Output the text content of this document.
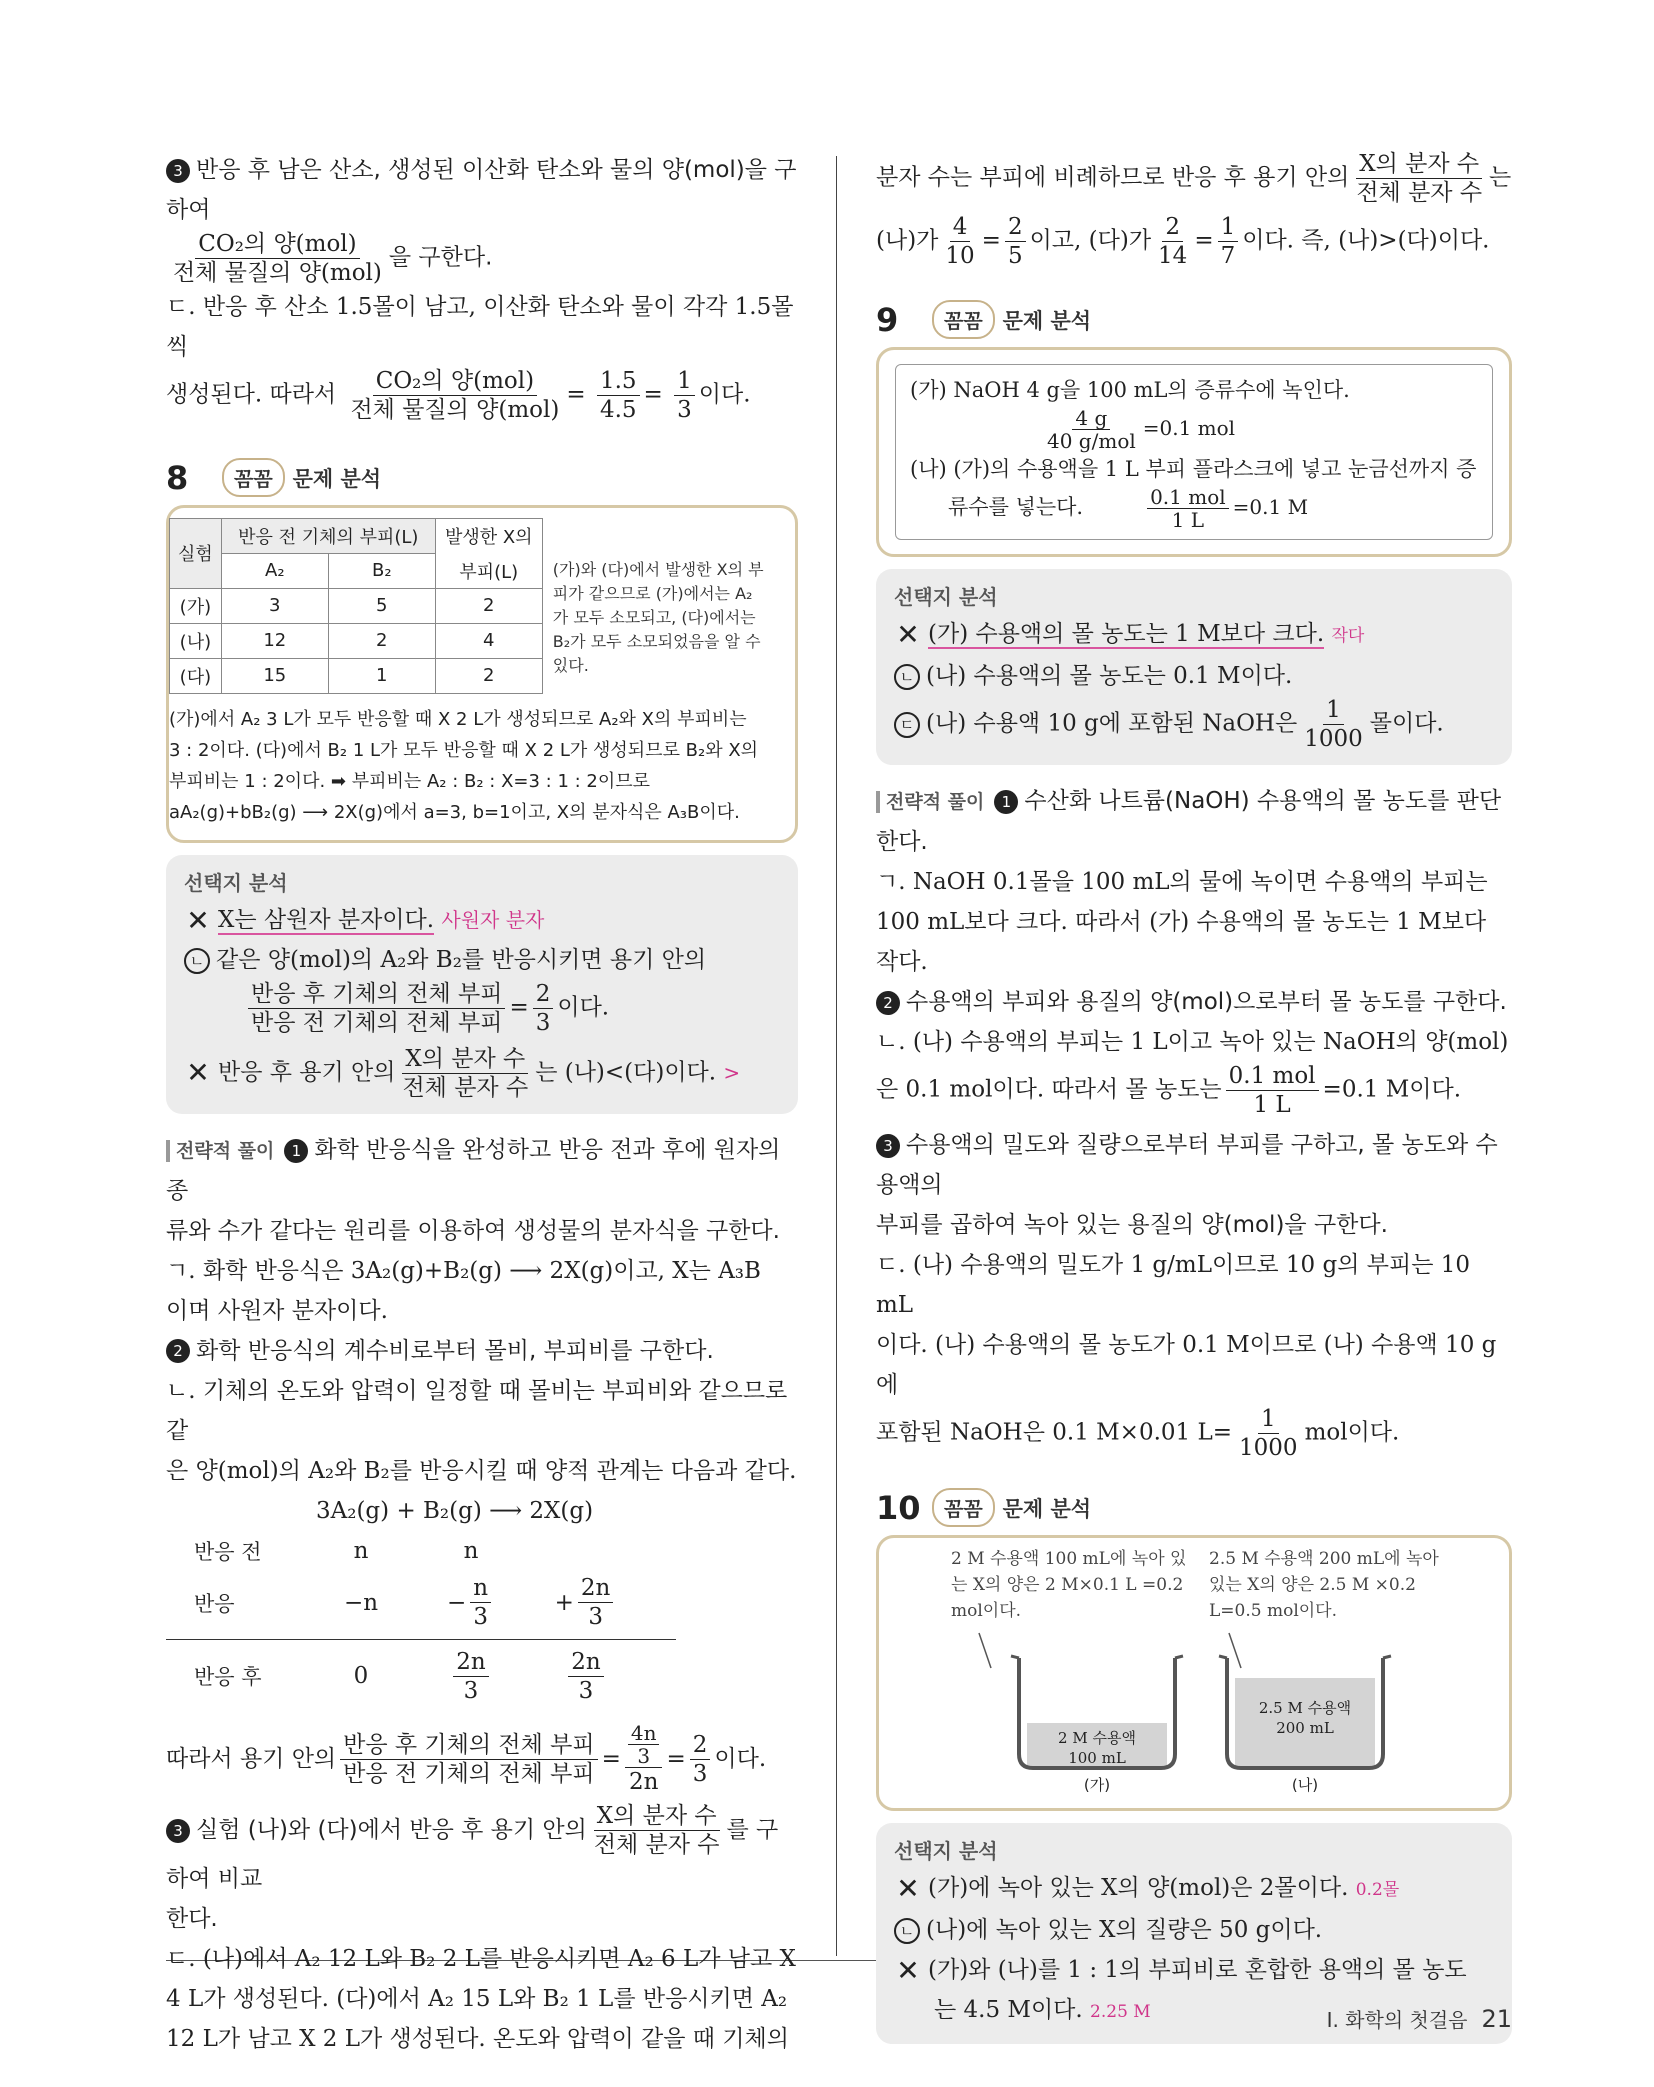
3 반응 후 남은 산소, 생성된 이산화 탄소와 물의 양(mol)을 구하여

$\frac{\text{CO₂의 양(mol)}}{\text{전체 물질의 양(mol)}}$ 을 구한다.

ㄷ. 반응 후 산소 1.5몰이 남고, 이산화 탄소와 물이 각각 1.5몰씩

생성된다. 따라서 $\frac{\text{CO₂의 양(mol)}}{\text{전체 물질의 양(mol)}} = \frac{1.5}{4.5} = \frac{1}{3}$ 이다.

8	꼼꼼 문제 분석
실험	반응 전 기체의 부피(L)		발생한 X의
	A₂	B₂	부피(L)
(가)	3	5	2
(나)	12	2	4
(다)	15	1	2
(가)와 (다)에서 발생한 X의 부피가 같으므로 (가)에서는 A₂가 모두 소모되고, (다)에서는 B₂가 모두 소모되었음을 알 수 있다.
(가)에서 A₂ 3 L가 모두 반응할 때 X 2 L가 생성되므로 A₂와 X의 부피비는
3 : 2이다. (다)에서 B₂ 1 L가 모두 반응할 때 X 2 L가 생성되므로 B₂와 X의
부피비는 1 : 2이다. ➡ 부피비는 A₂ : B₂ : X=3 : 1 : 2이므로
aA₂(g)+bB₂(g) ⟶ 2X(g)에서 a=3, b=1이고, X의 분자식은 A₃B이다.
선택지 분석

✕ X는 삼원자 분자이다. 사원자 분자

ㄴ 같은 양(mol)의 A₂와 B₂를 반응시키면 용기 안의

$\frac{\text{반응 후 기체의 전체 부피}}{\text{반응 전 기체의 전체 부피}} = \frac{2}{3}$ 이다.

✕ 반응 후 용기 안의 $\frac{\text{X의 분자 수}}{\text{전체 분자 수}}$ 는 (나)<(다)이다. >

전략적 풀이 1 화학 반응식을 완성하고 반응 전과 후에 원자의 종

류와 수가 같다는 원리를 이용하여 생성물의 분자식을 구한다.

ㄱ. 화학 반응식은 3A₂(g)+B₂(g) ⟶ 2X(g)이고, X는 A₃B

이며 사원자 분자이다.

2 화학 반응식의 계수비로부터 몰비, 부피비를 구한다.

ㄴ. 기체의 온도와 압력이 일정할 때 몰비는 부피비와 같으므로 같

은 양(mol)의 A₂와 B₂를 반응시킬 때 양적 관계는 다음과 같다.

3A₂(g) + B₂(g) ⟶ 2X(g)
반응 전	n	n
반응	−n	− $\frac{n}{3}$	+ $\frac{2n}{3}$
반응 후	0	$\frac{2n}{3}$	$\frac{2n}{3}$

따라서 용기 안의 $\frac{\text{반응 후 기체의 전체 부피}}{\text{반응 전 기체의 전체 부피}} = \frac{\frac{4n}{3}}{2n} = \frac{2}{3}$ 이다.

3 실험 (나)와 (다)에서 반응 후 용기 안의 $\frac{\text{X의 분자 수}}{\text{전체 분자 수}}$ 를 구하여 비교

한다.

ㄷ. (나)에서 A₂ 12 L와 B₂ 2 L를 반응시키면 A₂ 6 L가 남고 X

4 L가 생성된다. (다)에서 A₂ 15 L와 B₂ 1 L를 반응시키면 A₂

12 L가 남고 X 2 L가 생성된다. 온도와 압력이 같을 때 기체의

분자 수는 부피에 비례하므로 반응 후 용기 안의 $\frac{\text{X의 분자 수}}{\text{전체 분자 수}}$ 는

(나)가 $\frac{4}{10} = \frac{2}{5}$ 이고, (다)가 $\frac{2}{14} = \frac{1}{7}$ 이다. 즉, (나)>(다)이다.

9	꼼꼼 문제 분석
(가) NaOH 4 g을 100 mL의 증류수에 녹인다.
$\frac{4 g}{\text{40 g/mol}} =0.1$ mol
(나) (가)의 수용액을 1 L 부피 플라스크에 넣고 눈금선까지 증
류수를 넣는다.	$\frac{\text{0.1 mol}}{1 L} =0.1$ M
선택지 분석

✕ (가) 수용액의 몰 농도는 1 M보다 크다. 작다

ㄴ (나) 수용액의 몰 농도는 0.1 M이다.

ㄷ (나) 수용액 10 g에 포함된 NaOH은 $\frac{1}{1000}$ 몰이다.

전략적 풀이 1 수산화 나트륨(NaOH) 수용액의 몰 농도를 판단한다.

ㄱ. NaOH 0.1몰을 100 mL의 물에 녹이면 수용액의 부피는

100 mL보다 크다. 따라서 (가) 수용액의 몰 농도는 1 M보다 작다.

2 수용액의 부피와 용질의 양(mol)으로부터 몰 농도를 구한다.

ㄴ. (나) 수용액의 부피는 1 L이고 녹아 있는 NaOH의 양(mol)

은 0.1 mol이다. 따라서 몰 농도는 $\frac{\text{0.1 mol}}{1 L} =0.1$ M이다.

3 수용액의 밀도와 질량으로부터 부피를 구하고, 몰 농도와 수용액의

부피를 곱하여 녹아 있는 용질의 양(mol)을 구한다.

ㄷ. (나) 수용액의 밀도가 1 g/mL이므로 10 g의 부피는 10 mL

이다. (나) 수용액의 몰 농도가 0.1 M이므로 (나) 수용액 10 g에

포함된 NaOH은 0.1 M×0.01 $L= \frac{1}{1000}$ mol이다.

10	꼼꼼 문제 분석
2 M 수용액 100 mL에 녹아 있는 X의 양은 2 M×0.1 L =0.2 mol이다.
2.5 M 수용액 200 mL에 녹아 있는 X의 양은 2.5 M ×0.2 L=0.5 mol이다.
2 M 수용액
100 mL
2.5 M 수용액
200 mL
(가)	(나)
선택지 분석

✕ (가)에 녹아 있는 X의 양(mol)은 2몰이다. 0.2몰

ㄴ (나)에 녹아 있는 X의 질량은 50 g이다.

✕ (가)와 (나)를 1 : 1의 부피비로 혼합한 용액의 몰 농도

는 4.5 M이다. 2.25 M	I. 화학의 첫걸음 21
